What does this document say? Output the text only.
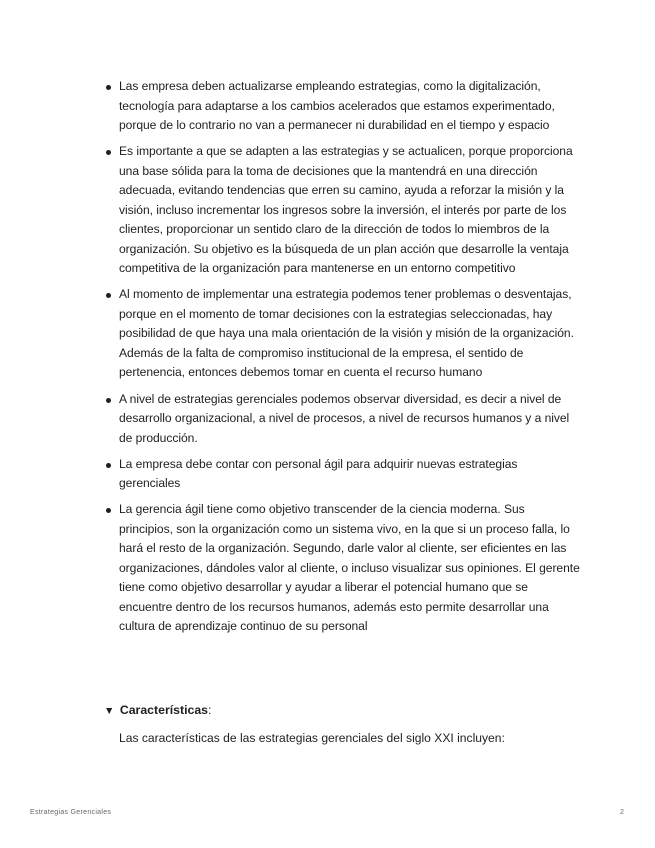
Las empresa deben actualizarse empleando estrategias, como la digitalización, tecnología para adaptarse a los cambios acelerados que estamos experimentado, porque de lo contrario no van a permanecer ni durabilidad en el tiempo y espacio
Es importante a que se adapten a las estrategias y se actualicen, porque proporciona una base sólida para la toma de decisiones que la mantendrá en una dirección adecuada, evitando tendencias que erren su camino, ayuda a reforzar la misión y la visión, incluso incrementar los ingresos sobre la inversión, el interés por parte de los clientes, proporcionar un sentido claro de la dirección de todos lo miembros de la organización. Su objetivo es la búsqueda de un plan acción que desarrolle la ventaja competitiva de la organización para mantenerse en un entorno competitivo
Al momento de implementar una estrategia podemos tener problemas o desventajas, porque en el momento de tomar decisiones con la estrategias seleccionadas, hay posibilidad de que haya una mala orientación de la visión y misión de la organización. Además de la falta de compromiso institucional de la empresa, el sentido de pertenencia, entonces debemos tomar en cuenta el recurso humano
A nivel de estrategias gerenciales podemos observar diversidad, es decir a nivel de desarrollo organizacional, a nivel de procesos, a nivel de recursos humanos y a nivel de producción.
La empresa debe contar con personal ágil para adquirir nuevas estrategias gerenciales
La gerencia ágil tiene como objetivo transcender de la ciencia moderna. Sus principios, son la organización como un sistema vivo, en la que si un proceso falla, lo hará el resto de la organización. Segundo, darle valor al cliente, ser eficientes en las organizaciones, dándoles valor al cliente, o incluso visualizar sus opiniones. El gerente tiene como objetivo desarrollar y ayudar a liberar el potencial humano que se encuentre dentro de los recursos humanos, además esto permite desarrollar una cultura de aprendizaje continuo de su personal
▼ Características:
Las características de las estrategias gerenciales del siglo XXI incluyen:
Estrategias Gerenciales	2
